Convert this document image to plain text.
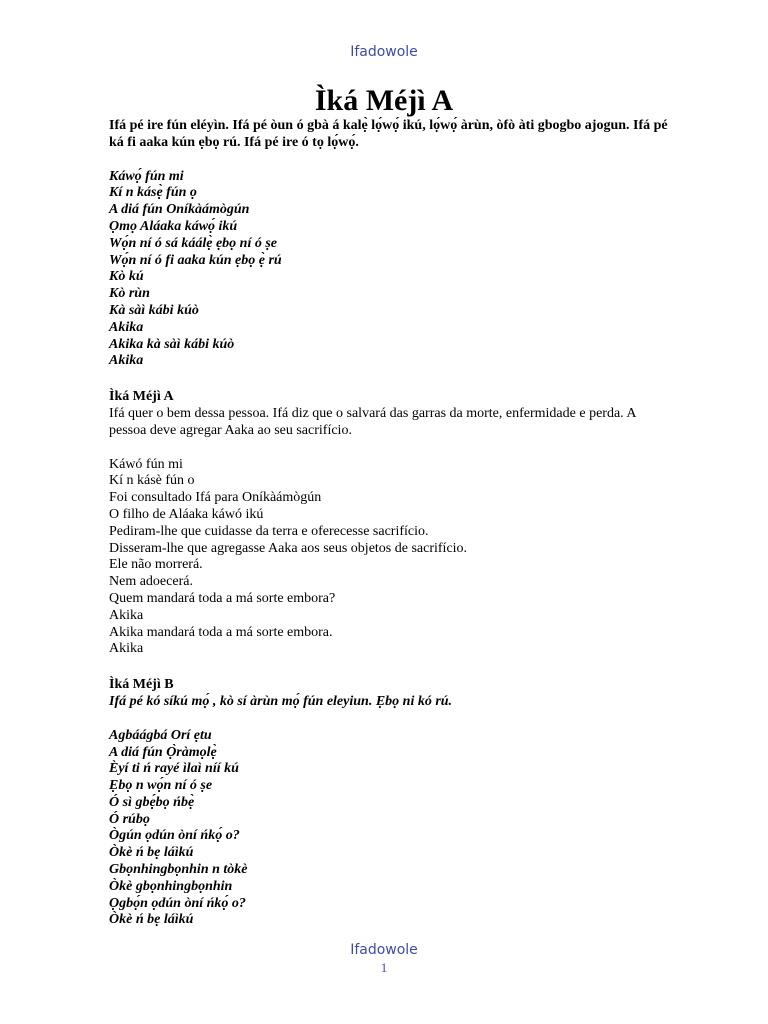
Ifadowole
Ìká Méjì A

Ifá pé ire fún eléyìn. Ifá pé òun ó gbà á kalẹ̀ lọ́wọ́ ikú, lọ́wọ́ àrùn, òfò àti gbogbo ajogun. Ifá pé ká fi aaka kún ẹbọ rú. Ifá pé ire ó tọ lọ́wọ́.

Káwọ́ fún mi
Kí n kásẹ̀ fún ọ
A diá fún Oníkàámògún
Ọmọ Aláaka káwọ́ ikú
Wọ́n ní ó sá káálẹ̀ ẹbọ ní ó ṣe
Wọ́n ní ó fi aaka kún ẹbọ ẹ̀ rú
Kò kú
Kò rùn
Kà sàì kábi kúò
Akika
Akika kà sàì kábi kúò
Akika

Ìká Méjì A

Ifá quer o bem dessa pessoa. Ifá diz que o salvará das garras da morte, enfermidade e perda. A pessoa deve agregar Aaka ao seu sacrifício.

Káwó fún mi
Kí n kásè fún o
Foi consultado Ifá para Oníkàámògún
O filho de Aláaka káwó ikú
Pediram-lhe que cuidasse da terra e oferecesse sacrifício.
Disseram-lhe que agregasse Aaka aos seus objetos de sacrifício.
Ele não morrerá.
Nem adoecerá.
Quem mandará toda a má sorte embora?
Akika
Akika mandará toda a má sorte embora.
Akika

Ìká Méjì B

Ifá pé kó síkú mọ́ , kò sí àrùn mọ́ fún eleyiun. Ẹbọ ni kó rú.

Agbáágbá Orí ẹtu
A diá fún Ọ̀ràmọlẹ̀
Èyí ti ń rayé ìlaì níí kú
Ẹbọ n wọ́n ní ó ṣe
Ó sì gbẹ́bọ ńbẹ̀
Ó rúbọ
Ògún ọdún òní ńkọ́ o?
Òkè ń bẹ láìkú
Gbọnhingbọnhin n tòkè
Òkè gbọnhingbọnhin
Ọgbọ́n ọdún òní ńkọ́ o?
Òkè ń bẹ láìkú
Ifadowole
1
